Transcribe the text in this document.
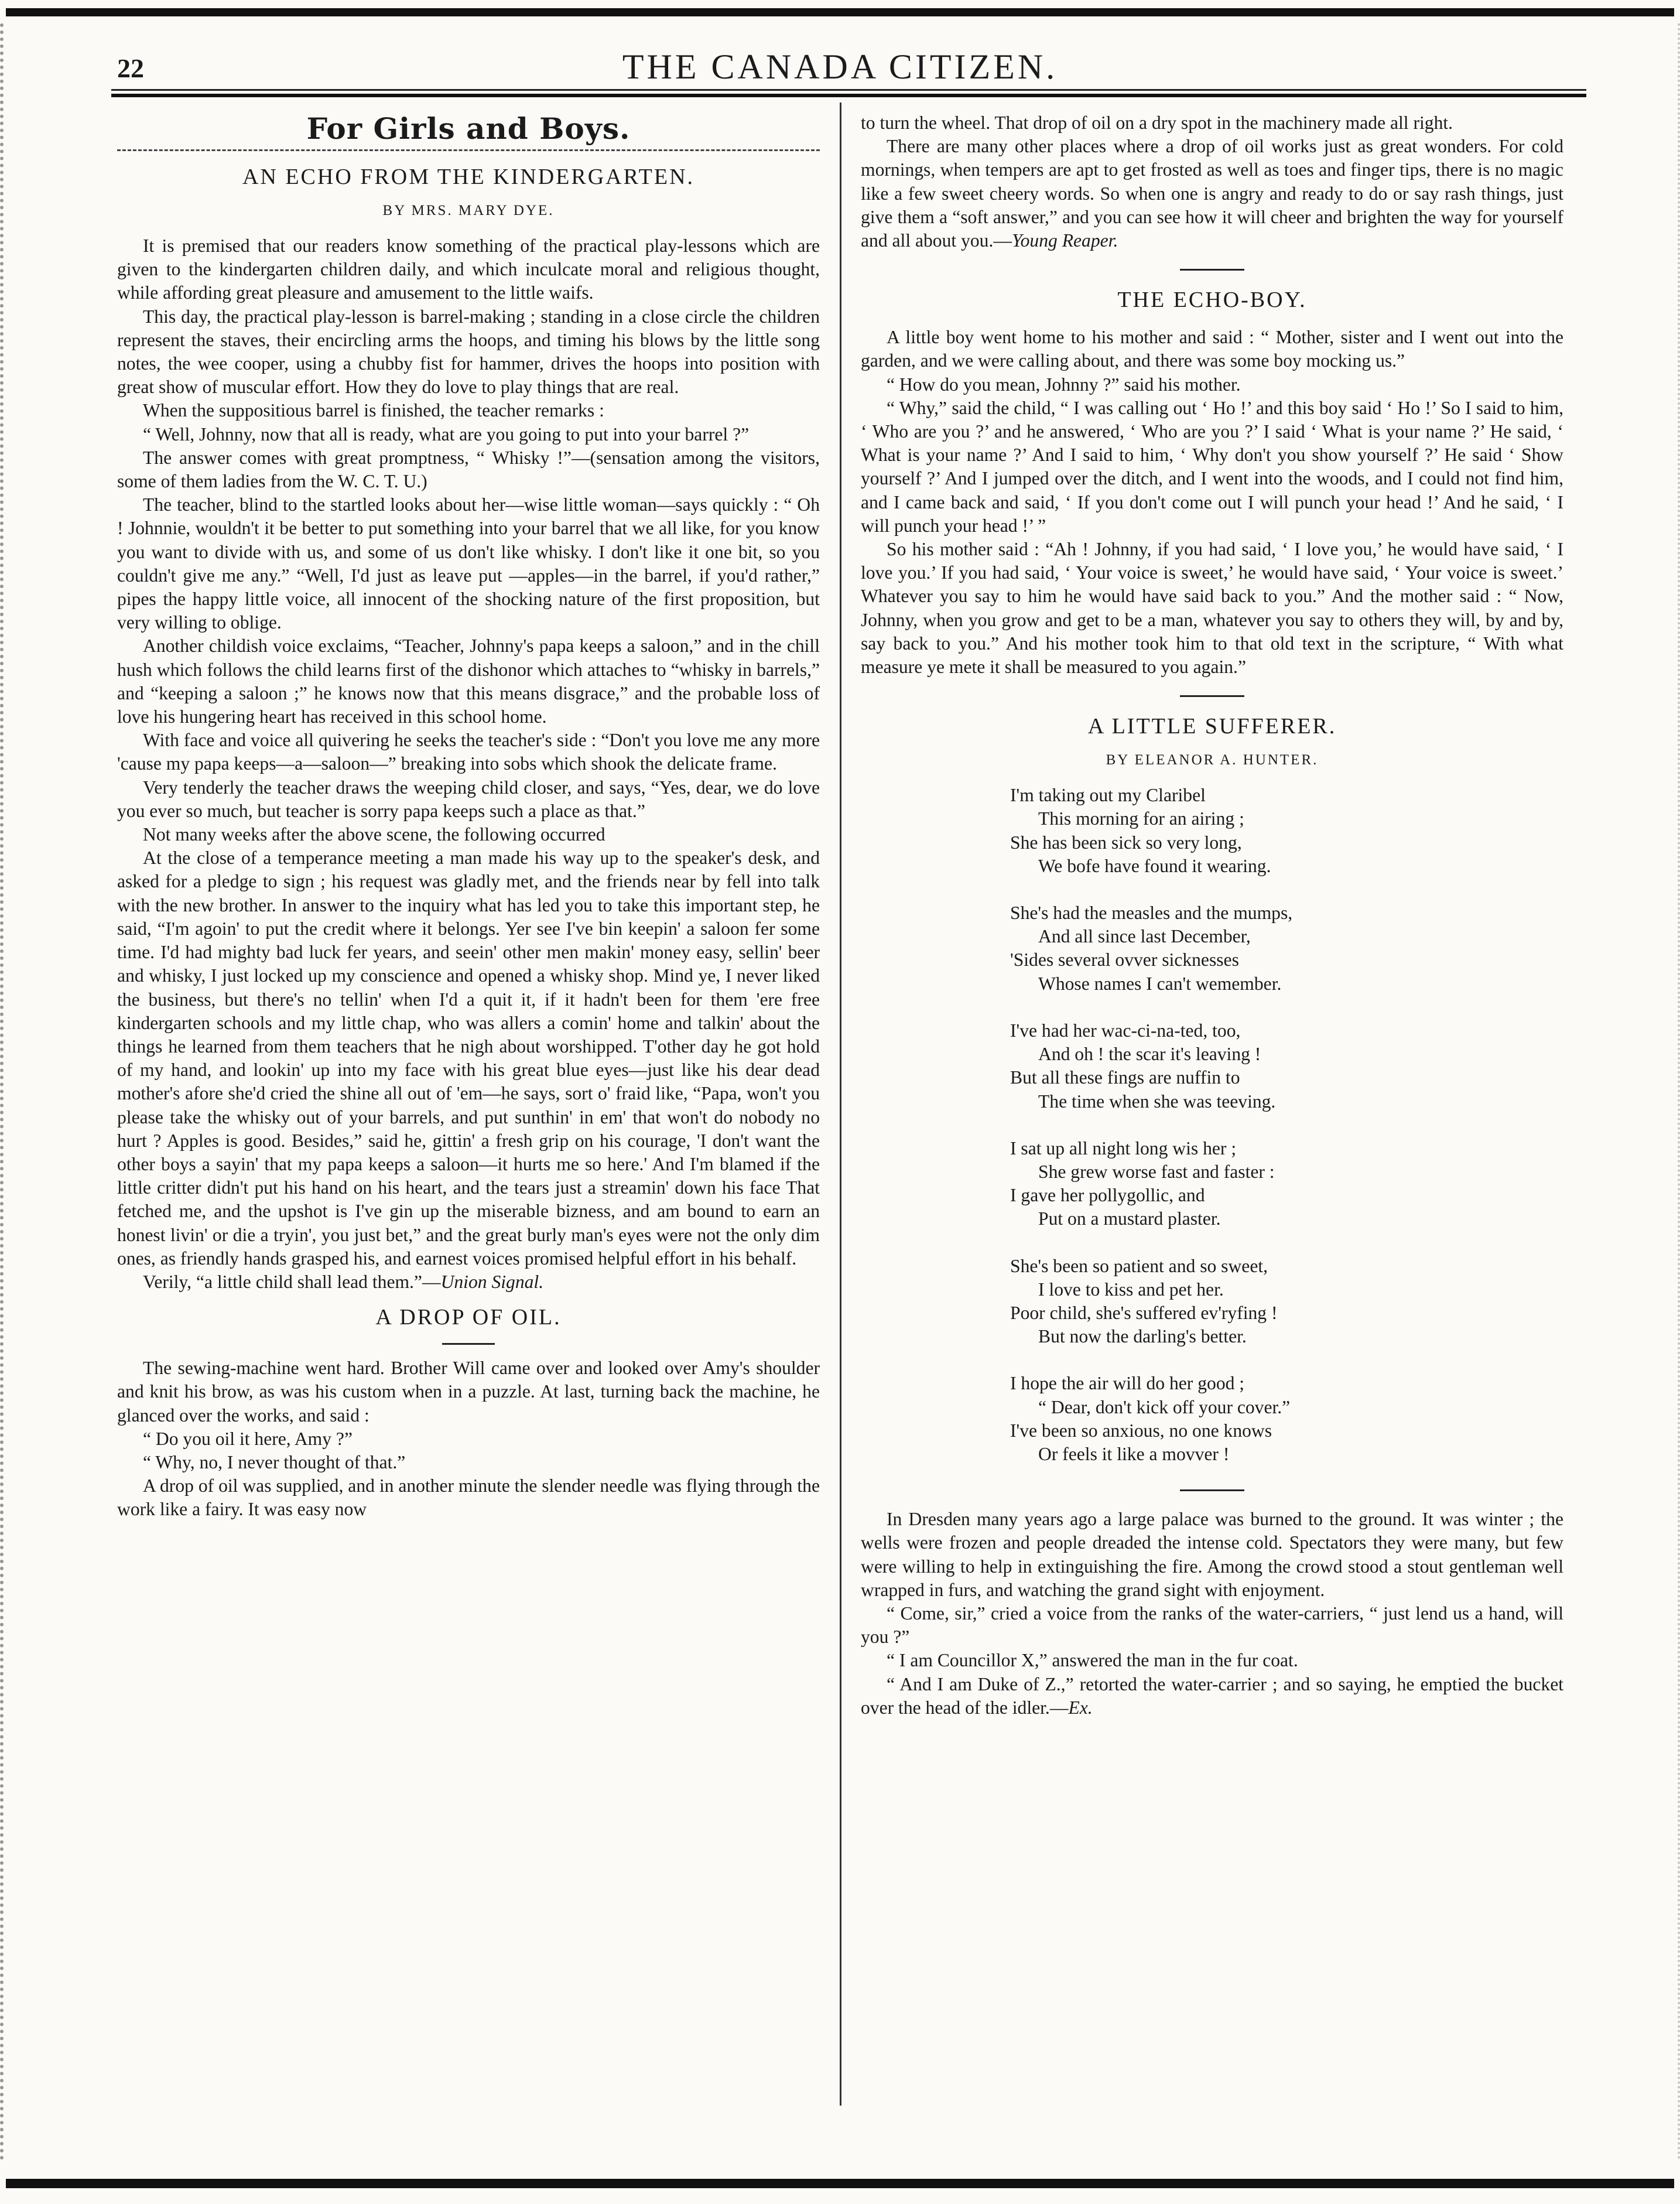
22	THE CANADA CITIZEN.
For Girls and Boys.
AN ECHO FROM THE KINDERGARTEN.
BY MRS. MARY DYE.

It is premised that our readers know something of the practical play-lessons which are given to the kindergarten children daily, and which inculcate moral and religious thought, while affording great pleasure and amusement to the little waifs.

This day, the practical play-lesson is barrel-making ; standing in a close circle the children represent the staves, their encircling arms the hoops, and timing his blows by the little song notes, the wee cooper, using a chubby fist for hammer, drives the hoops into position with great show of muscular effort. How they do love to play things that are real.

When the suppositious barrel is finished, the teacher remarks :

“ Well, Johnny, now that all is ready, what are you going to put into your barrel ?”

The answer comes with great promptness, “ Whisky !”—(sensation among the visitors, some of them ladies from the W. C. T. U.)

The teacher, blind to the startled looks about her—wise little woman—says quickly : “ Oh ! Johnnie, wouldn't it be better to put something into your barrel that we all like, for you know you want to divide with us, and some of us don't like whisky. I don't like it one bit, so you couldn't give me any.” “Well, I'd just as leave put —apples—in the barrel, if you'd rather,” pipes the happy little voice, all innocent of the shocking nature of the first proposition, but very willing to oblige.

Another childish voice exclaims, “Teacher, Johnny's papa keeps a saloon,” and in the chill hush which follows the child learns first of the dishonor which attaches to “whisky in barrels,” and “keeping a saloon ;” he knows now that this means disgrace,” and the probable loss of love his hungering heart has received in this school home.

With face and voice all quivering he seeks the teacher's side : “Don't you love me any more 'cause my papa keeps—a—saloon—” breaking into sobs which shook the delicate frame.

Very tenderly the teacher draws the weeping child closer, and says, “Yes, dear, we do love you ever so much, but teacher is sorry papa keeps such a place as that.”

Not many weeks after the above scene, the following occurred

At the close of a temperance meeting a man made his way up to the speaker's desk, and asked for a pledge to sign ; his request was gladly met, and the friends near by fell into talk with the new brother. In answer to the inquiry what has led you to take this important step, he said, “I'm agoin' to put the credit where it belongs. Yer see I've bin keepin' a saloon fer some time. I'd had mighty bad luck fer years, and seein' other men makin' money easy, sellin' beer and whisky, I just locked up my conscience and opened a whisky shop. Mind ye, I never liked the business, but there's no tellin' when I'd a quit it, if it hadn't been for them 'ere free kindergarten schools and my little chap, who was allers a comin' home and talkin' about the things he learned from them teachers that he nigh about worshipped. T'other day he got hold of my hand, and lookin' up into my face with his great blue eyes—just like his dear dead mother's afore she'd cried the shine all out of 'em—he says, sort o' fraid like, “Papa, won't you please take the whisky out of your barrels, and put sunthin' in em' that won't do nobody no hurt ? Apples is good. Besides,” said he, gittin' a fresh grip on his courage, 'I don't want the other boys a sayin' that my papa keeps a saloon—it hurts me so here.' And I'm blamed if the little critter didn't put his hand on his heart, and the tears just a streamin' down his face That fetched me, and the upshot is I've gin up the miserable bizness, and am bound to earn an honest livin' or die a tryin', you just bet,” and the great burly man's eyes were not the only dim ones, as friendly hands grasped his, and earnest voices promised helpful effort in his behalf.

Verily, “a little child shall lead them.”—Union Signal.

A DROP OF OIL.

The sewing-machine went hard. Brother Will came over and looked over Amy's shoulder and knit his brow, as was his custom when in a puzzle. At last, turning back the machine, he glanced over the works, and said :

“ Do you oil it here, Amy ?”

“ Why, no, I never thought of that.”

A drop of oil was supplied, and in another minute the slender needle was flying through the work like a fairy. It was easy now

to turn the wheel. That drop of oil on a dry spot in the machinery made all right.

There are many other places where a drop of oil works just as great wonders. For cold mornings, when tempers are apt to get frosted as well as toes and finger tips, there is no magic like a few sweet cheery words. So when one is angry and ready to do or say rash things, just give them a “soft answer,” and you can see how it will cheer and brighten the way for yourself and all about you.—Young Reaper.

THE ECHO-BOY.

A little boy went home to his mother and said : “ Mother, sister and I went out into the garden, and we were calling about, and there was some boy mocking us.”

“ How do you mean, Johnny ?” said his mother.

“ Why,” said the child, “ I was calling out ‘ Ho !’ and this boy said ‘ Ho !’ So I said to him, ‘ Who are you ?’ and he answered, ‘ Who are you ?’ I said ‘ What is your name ?’ He said, ‘ What is your name ?’ And I said to him, ‘ Why don't you show yourself ?’ He said ‘ Show yourself ?’ And I jumped over the ditch, and I went into the woods, and I could not find him, and I came back and said, ‘ If you don't come out I will punch your head !’ And he said, ‘ I will punch your head !’ ”

So his mother said : “Ah ! Johnny, if you had said, ‘ I love you,’ he would have said, ‘ I love you.’ If you had said, ‘ Your voice is sweet,’ he would have said, ‘ Your voice is sweet.’ Whatever you say to him he would have said back to you.” And the mother said : “ Now, Johnny, when you grow and get to be a man, whatever you say to others they will, by and by, say back to you.” And his mother took him to that old text in the scripture, “ With what measure ye mete it shall be measured to you again.”

A LITTLE SUFFERER.
BY ELEANOR A. HUNTER.
I'm taking out my Claribel
This morning for an airing ;
She has been sick so very long,
We bofe have found it wearing.
She's had the measles and the mumps,
And all since last December,
'Sides several ovver sicknesses
Whose names I can't wemember.
I've had her wac-ci-na-ted, too,
And oh ! the scar it's leaving !
But all these fings are nuffin to
The time when she was teeving.
I sat up all night long wis her ;
She grew worse fast and faster :
I gave her pollygollic, and
Put on a mustard plaster.
She's been so patient and so sweet,
I love to kiss and pet her.
Poor child, she's suffered ev'ryfing !
But now the darling's better.
I hope the air will do her good ;
“ Dear, don't kick off your cover.”
I've been so anxious, no one knows
Or feels it like a movver !

In Dresden many years ago a large palace was burned to the ground. It was winter ; the wells were frozen and people dreaded the intense cold. Spectators they were many, but few were willing to help in extinguishing the fire. Among the crowd stood a stout gentleman well wrapped in furs, and watching the grand sight with enjoyment.

“ Come, sir,” cried a voice from the ranks of the water-carriers, “ just lend us a hand, will you ?”

“ I am Councillor X,” answered the man in the fur coat.

“ And I am Duke of Z.,” retorted the water-carrier ; and so saying, he emptied the bucket over the head of the idler.—Ex.
